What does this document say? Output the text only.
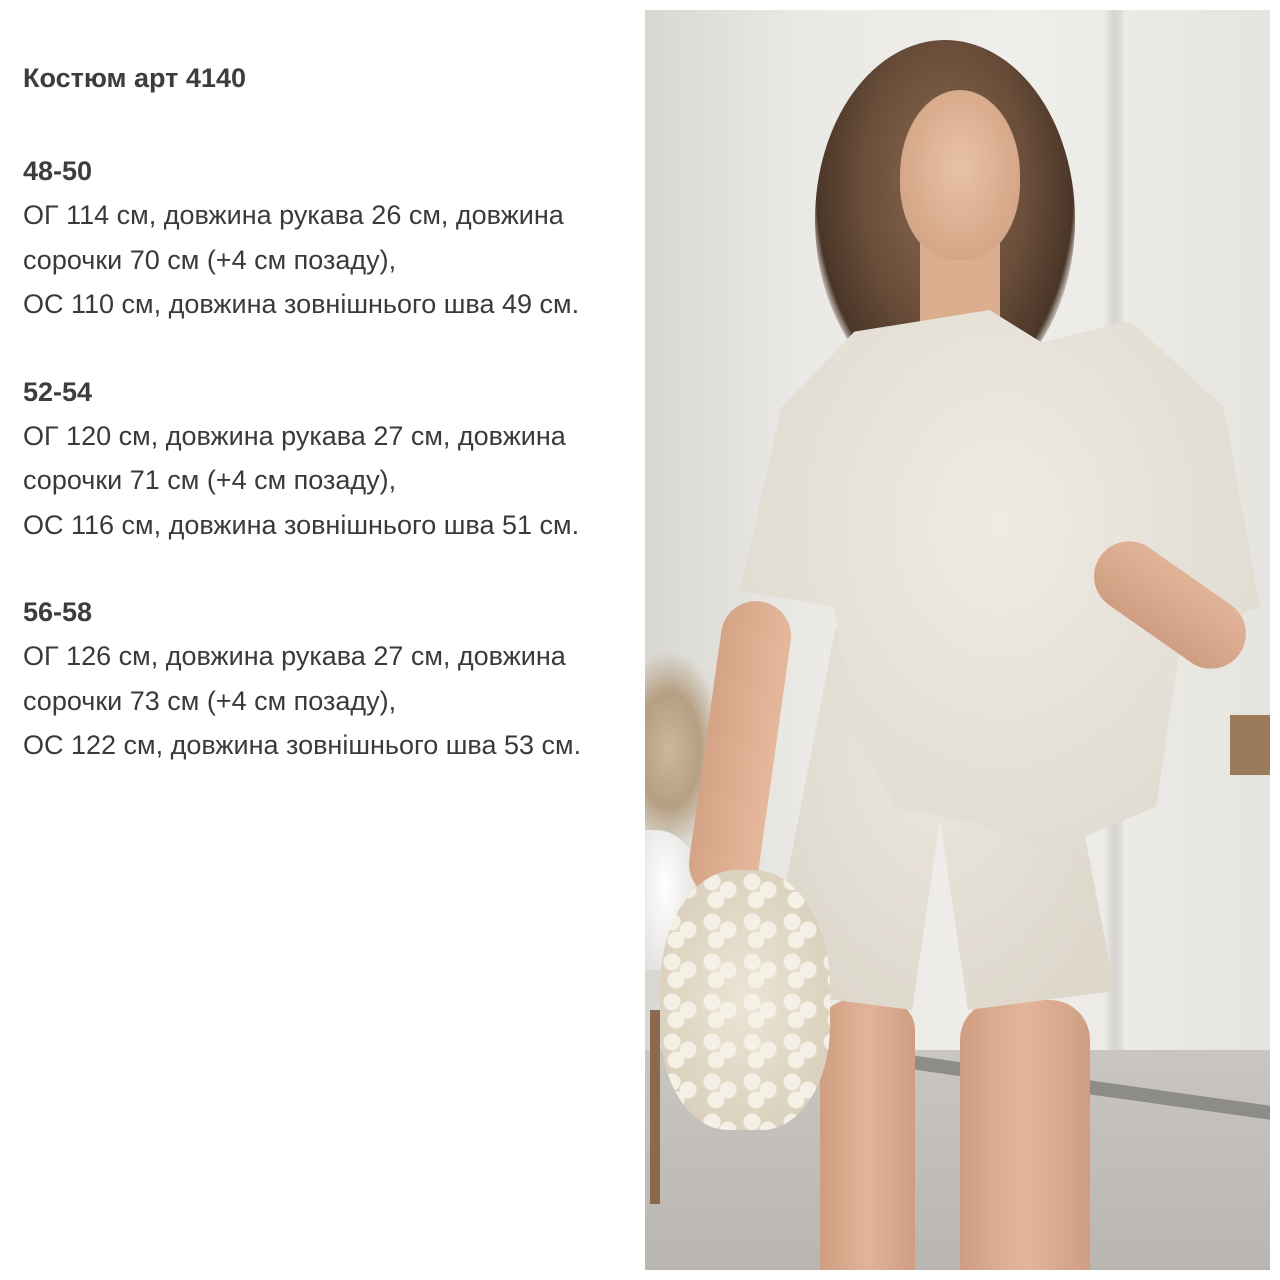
Костюм арт 4140

48-50

ОГ 114 см, довжина рукава 26 см, довжина

сорочки 70 см (+4 см позаду),

ОС 110 см, довжина зовнішнього шва 49 см.

52-54

ОГ 120 см, довжина рукава 27 см, довжина

сорочки 71 см (+4 см позаду),

ОС 116 см, довжина зовнішнього шва 51 см.

56-58

ОГ 126 см, довжина рукава 27 см, довжина

сорочки 73 см (+4 см позаду),

ОС 122 см, довжина зовнішнього шва 53 см.
